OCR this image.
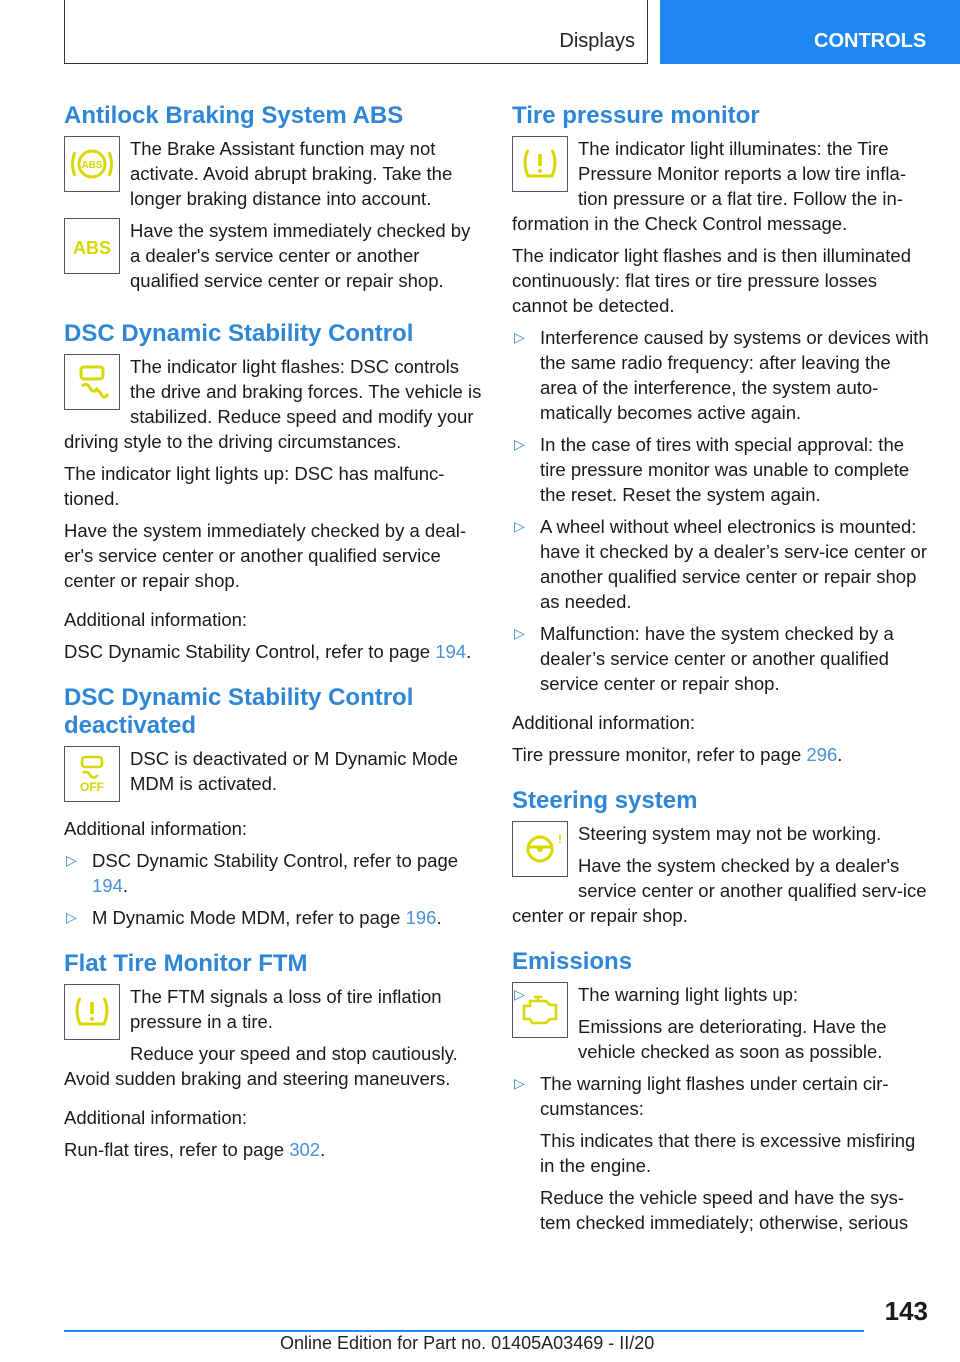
Displays	CONTROLS
Antilock Braking System ABS
ABS

The Brake Assistant function may not activate. Avoid abrupt braking. Take the longer braking distance into account.

ABS

Have the system immediately checked by a dealer's service center or another qualified service center or repair shop.

DSC Dynamic Stability Control

The indicator light flashes: DSC controls the drive and braking forces. The vehicle is stabilized. Reduce speed and modify your driving style to the driving circumstances.

The indicator light lights up: DSC has malfunc-tioned.

Have the system immediately checked by a deal-er's service center or another qualified service center or repair shop.

Additional information:

DSC Dynamic Stability Control, refer to page 194.

DSC Dynamic Stability Control deactivated
OFF

DSC is deactivated or M Dynamic Mode MDM is activated.

Additional information:

▷ DSC Dynamic Stability Control, refer to page 194.
▷ M Dynamic Mode MDM, refer to page 196.
Flat Tire Monitor FTM

The FTM signals a loss of tire inflation pressure in a tire.

Reduce your speed and stop cautiously. Avoid sudden braking and steering maneuvers.

Additional information:

Run-flat tires, refer to page 302.

Tire pressure monitor

The indicator light illuminates: the Tire Pressure Monitor reports a low tire infla-tion pressure or a flat tire. Follow the in-formation in the Check Control message.

The indicator light flashes and is then illuminated continuously: flat tires or tire pressure losses cannot be detected.

▷ Interference caused by systems or devices with the same radio frequency: after leaving the area of the interference, the system auto-matically becomes active again.
▷ In the case of tires with special approval: the tire pressure monitor was unable to complete the reset. Reset the system again.
▷ A wheel without wheel electronics is mounted: have it checked by a dealer’s serv-ice center or another qualified service center or repair shop as needed.
▷ Malfunction: have the system checked by a dealer’s service center or another qualified service center or repair shop.

Additional information:

Tire pressure monitor, refer to page 296.

Steering system
! Steering system may not be working.

Have the system checked by a dealer's service center or another qualified serv-ice center or repair shop.

Emissions
▷	The warning light lights up:

Emissions are deteriorating. Have the vehicle checked as soon as possible.

▷ The warning light flashes under certain cir-cumstances:

This indicates that there is excessive misfiring in the engine.

Reduce the vehicle speed and have the sys-tem checked immediately; otherwise, serious

143
Online Edition for Part no. 01405A03469 - II/20
